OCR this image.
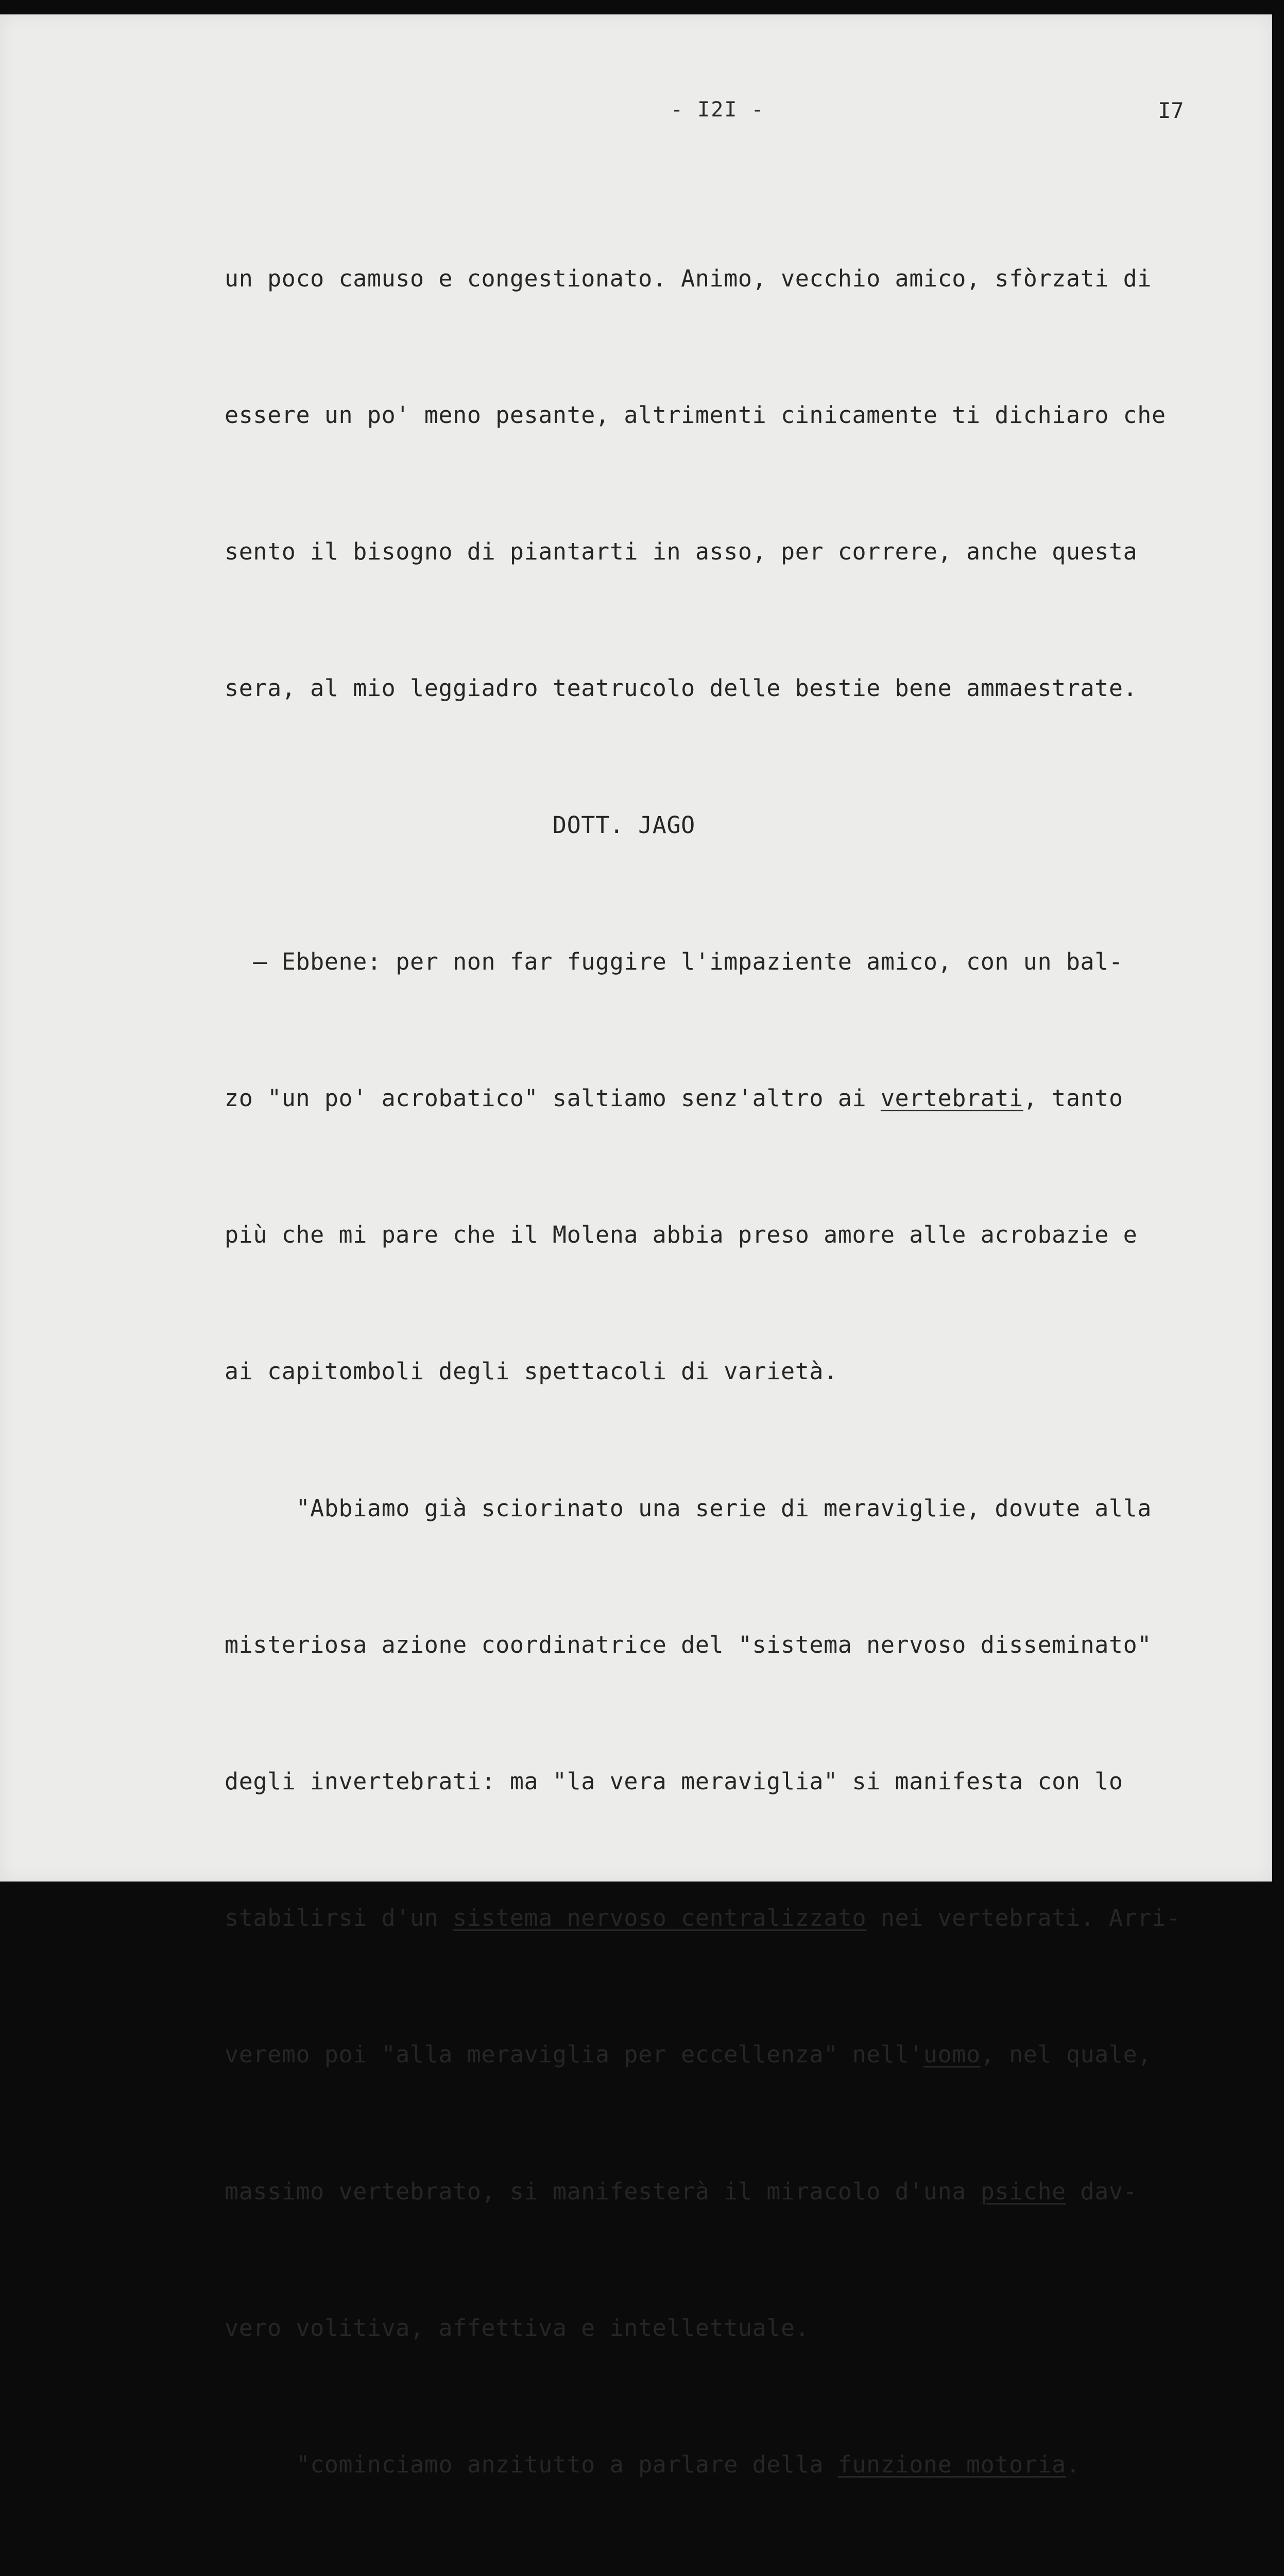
- I2I -	I7

un poco camuso e congestionato. Animo, vecchio amico, sfòrzati di

essere un po' meno pesante, altrimenti cinicamente ti dichiaro che

sento il bisogno di piantarti in asso, per correre, anche questa

sera, al mio leggiadro teatrucolo delle bestie bene ammaestrate.

DOTT. JAGO

— Ebbene: per non far fuggire l'impaziente amico, con un bal-

zo "un po' acrobatico" saltiamo senz'altro ai vertebrati, tanto

più che mi pare che il Molena abbia preso amore alle acrobazie e

ai capitomboli degli spettacoli di varietà.

"Abbiamo già sciorinato una serie di meraviglie, dovute alla

misteriosa azione coordinatrice del "sistema nervoso disseminato"

degli invertebrati: ma "la vera meraviglia" si manifesta con lo

stabilirsi d'un sistema nervoso centralizzato nei vertebrati. Arri-

veremo poi "alla meraviglia per eccellenza" nell'uomo, nel quale,

massimo vertebrato, si manifesterà il miracolo d'una psiche dav-

vero volitiva, affettiva e intellettuale.

"cominciamo anzitutto a parlare della funzione motoria.
